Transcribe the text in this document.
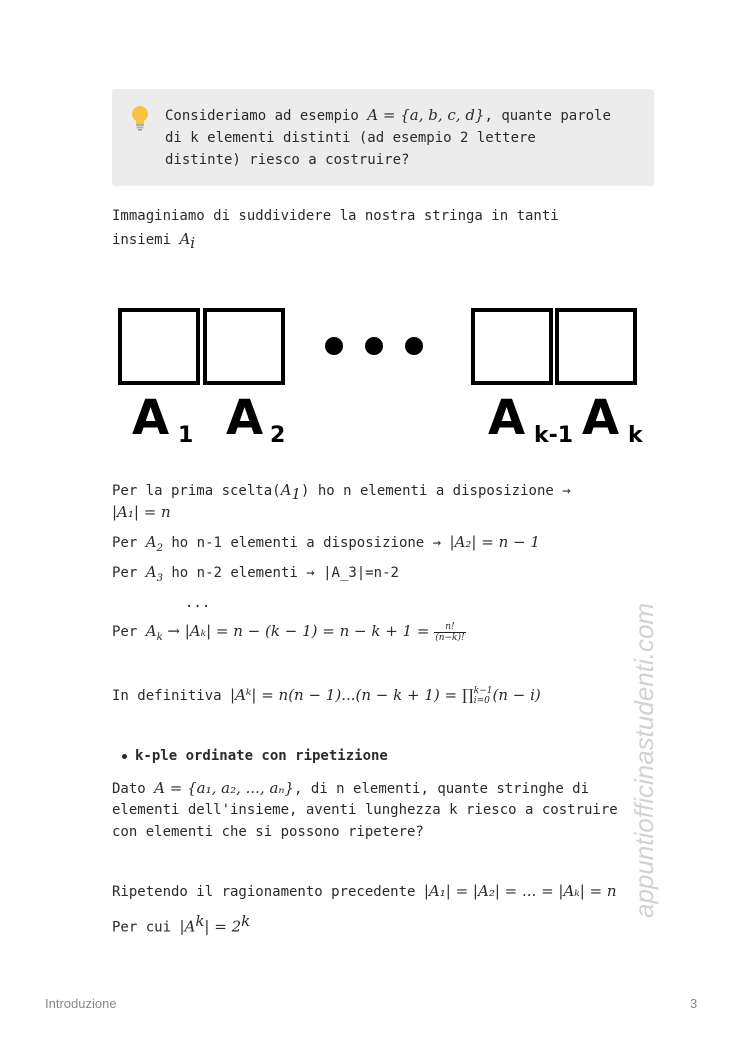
Consideriamo ad esempio A = {a, b, c, d}, quante parole
di k elementi distinti (ad esempio 2 lettere
distinte) riesco a costruire?
Immaginiamo di suddividere la nostra stringa in tanti
insiemi $A_i$
A 1 A 2	A k-1 A k
Per la prima $scelta(A_1)$ ho n elementi a disposizione →
|A₁| = n
Per $A_2$ ho n-1 elementi a disposizione → |A₂| = n − 1
Per $A_3$ ho n-2 elementi → |A_3|=n-2
...
Per $A_k \to |A_k| = n - (k - 1) = n - k + 1 = \frac{n!}{(n-k)!}$
In definitiva |Aᵏ| = n(n − 1)...(n − k + 1) = ∏ k−1
i=0 (n − i)
k-ple ordinate con ripetizione
Dato A = {a₁, a₂, ..., aₙ}, di n elementi, quante stringhe di
elementi dell'insieme, aventi lunghezza k riesco a costruire
con elementi che si possono ripetere?
Ripetendo il ragionamento precedente |A₁| = |A₂| = ... = |Aₖ| = n
Per cui $|A^k| = 2^k$
appuntiofficinastudenti.com
Introduzione	3
